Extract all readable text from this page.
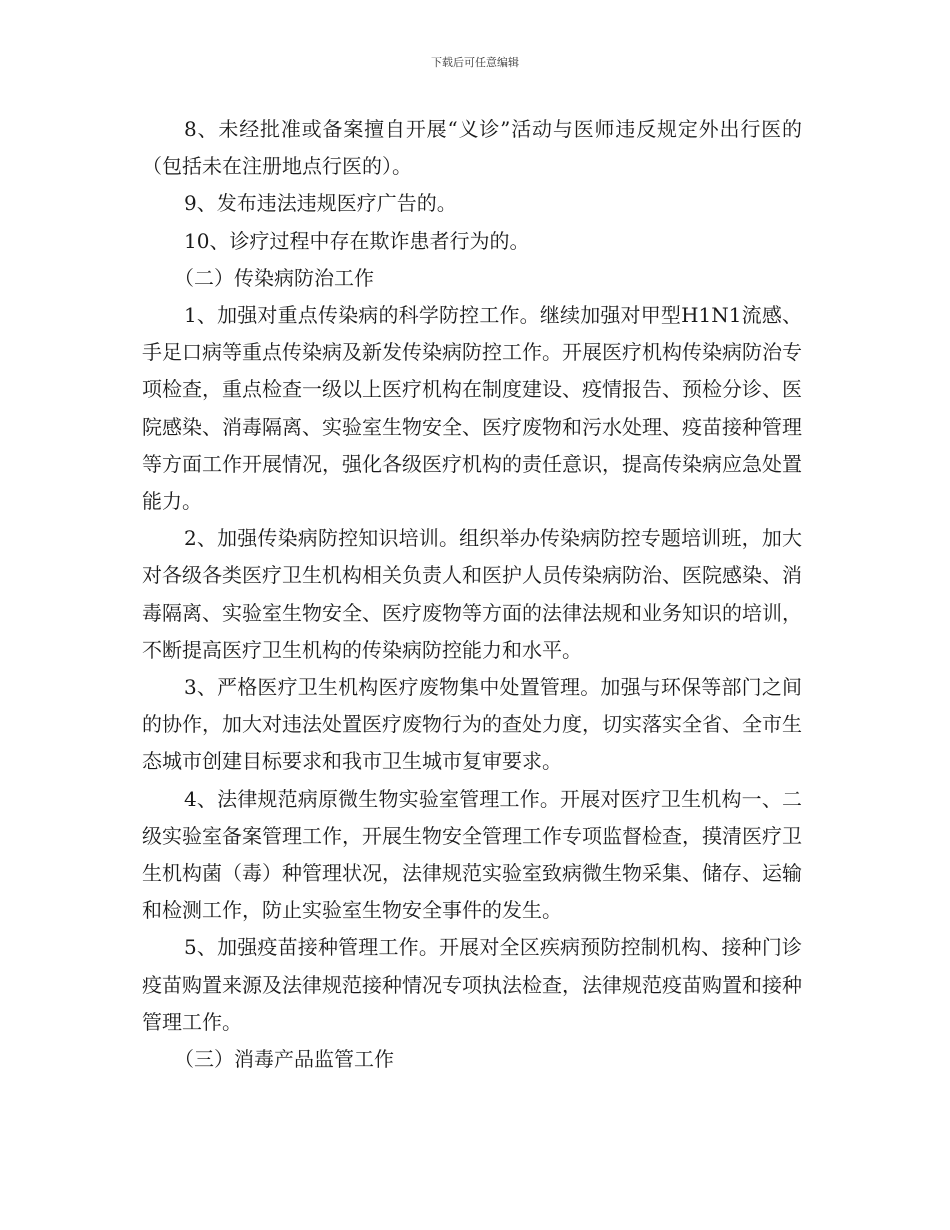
下载后可任意编辑

8、未经批准或备案擅自开展“义诊”活动与医师违反规定外出行医的（包括未在注册地点行医的）。

9、发布违法违规医疗广告的。

10、诊疗过程中存在欺诈患者行为的。

（二）传染病防治工作

1、加强对重点传染病的科学防控工作。继续加强对甲型H1N1流感、手足口病等重点传染病及新发传染病防控工作。开展医疗机构传染病防治专项检查，重点检查一级以上医疗机构在制度建设、疫情报告、预检分诊、医院感染、消毒隔离、实验室生物安全、医疗废物和污水处理、疫苗接种管理等方面工作开展情况，强化各级医疗机构的责任意识，提高传染病应急处置能力。

2、加强传染病防控知识培训。组织举办传染病防控专题培训班，加大对各级各类医疗卫生机构相关负责人和医护人员传染病防治、医院感染、消毒隔离、实验室生物安全、医疗废物等方面的法律法规和业务知识的培训，不断提高医疗卫生机构的传染病防控能力和水平。

3、严格医疗卫生机构医疗废物集中处置管理。加强与环保等部门之间的协作，加大对违法处置医疗废物行为的查处力度，切实落实全省、全市生态城市创建目标要求和我市卫生城市复审要求。

4、法律规范病原微生物实验室管理工作。开展对医疗卫生机构一、二级实验室备案管理工作，开展生物安全管理工作专项监督检查，摸清医疗卫生机构菌（毒）种管理状况，法律规范实验室致病微生物采集、储存、运输和检测工作，防止实验室生物安全事件的发生。

5、加强疫苗接种管理工作。开展对全区疾病预防控制机构、接种门诊疫苗购置来源及法律规范接种情况专项执法检查，法律规范疫苗购置和接种管理工作。

（三）消毒产品监管工作
